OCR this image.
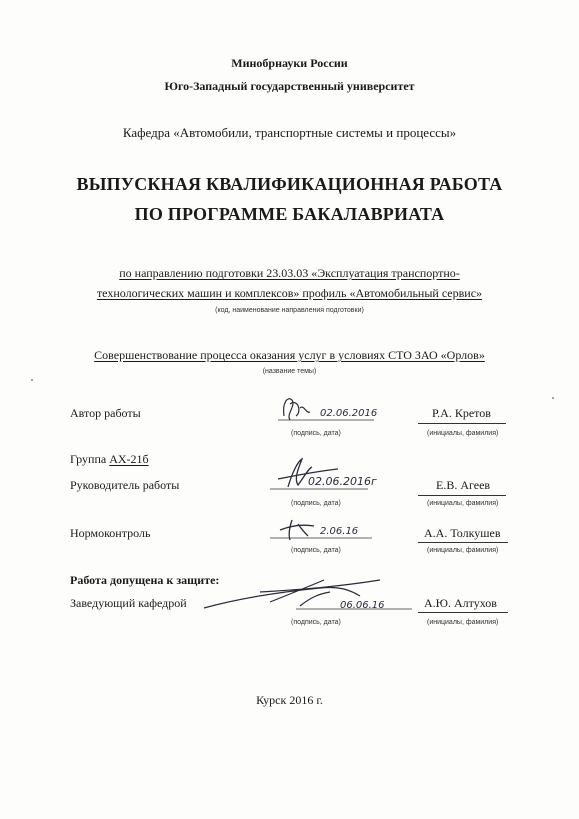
Минобрнауки России
Юго-Западный государственный университет
Кафедра «Автомобили, транспортные системы и процессы»
ВЫПУСКНАЯ КВАЛИФИКАЦИОННАЯ РАБОТА
ПО ПРОГРАММЕ БАКАЛАВРИАТА
по направлению подготовки 23.03.03 «Эксплуатация транспортно-
технологических машин и комплексов» профиль «Автомобильный сервис»
(код, наименование направления подготовки)
Совершенствование процесса оказания услуг в условиях СТО ЗАО «Орлов»
(название темы)
Автор работы	02.06.2016
(подпись, дата)
Р.А. Кретов
(инициалы, фамилия)
Группа АХ-21б
Руководитель работы	02.06.2016г
(подпись, дата)
Е.В. Агеев
(инициалы, фамилия)
Нормоконтроль	2.06.16
(подпись, дата)
А.А. Толкушев
(инициалы, фамилия)
Работа допущена к защите:
Заведующий кафедрой	06.06.16
(подпись, дата)
А.Ю. Алтухов
(инициалы, фамилия)
Курск 2016 г.
